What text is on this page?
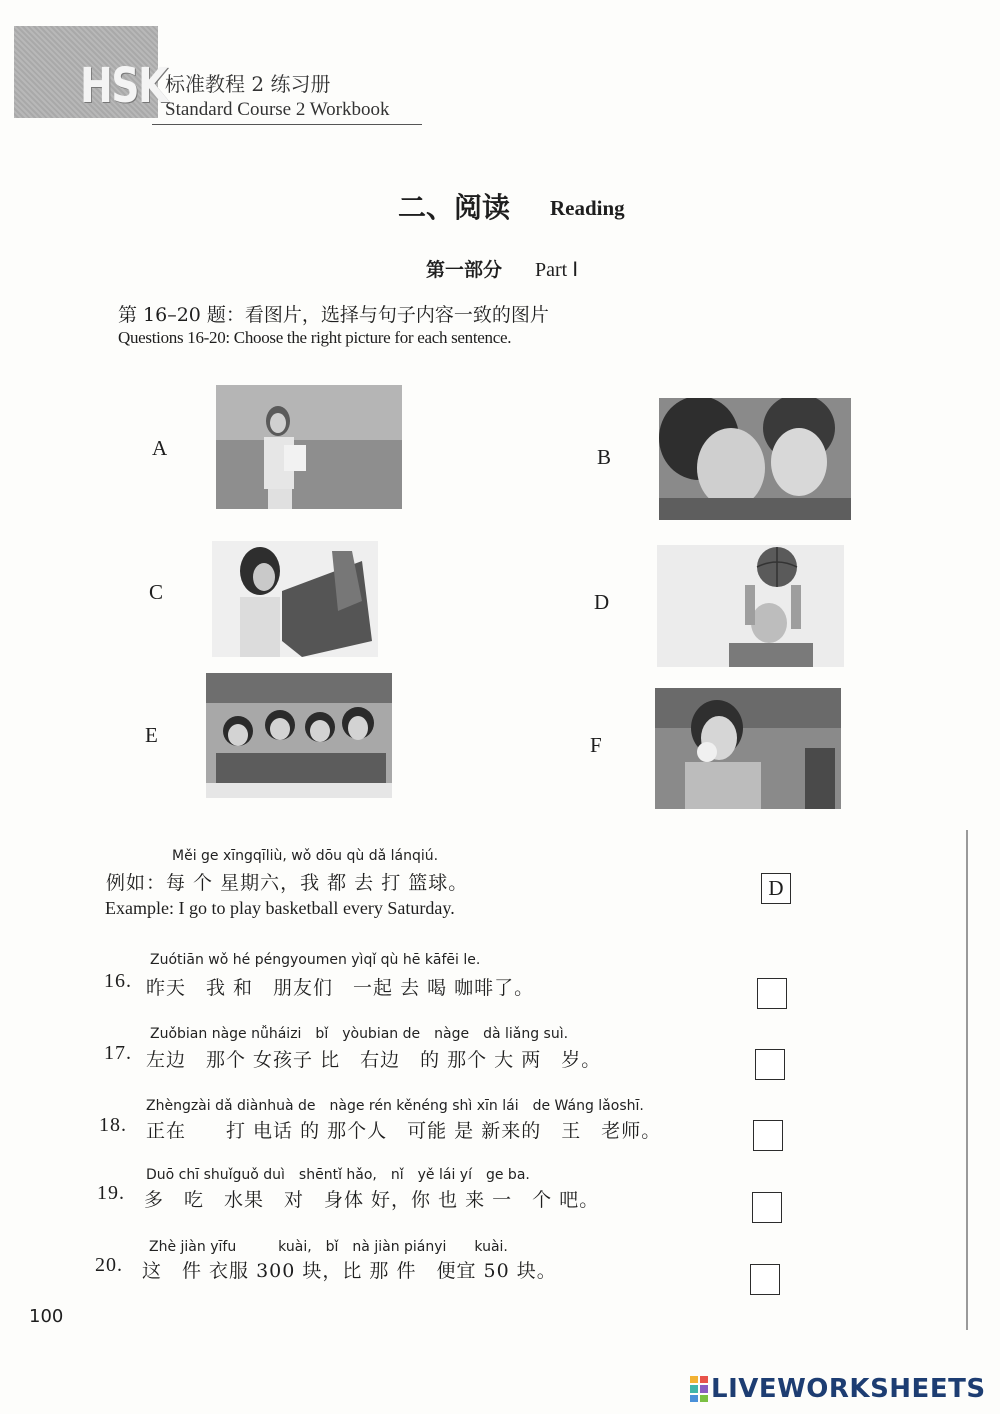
HSK
标准教程 2 练习册
Standard Course 2 Workbook
二、阅读 Reading
第一部分 Part Ⅰ
第 16–20 题：看图片，选择与句子内容一致的图片
Questions 16-20: Choose the right picture for each sentence.
A	B
C	D
E	F
Měi ge xīngqīliù, wǒ dōu qù dǎ lánqiú.
例如：每 个 星期六，我 都 去 打 篮球。
Example: I go to play basketball every Saturday.
D
Zuótiān wǒ hé péngyoumen yìqǐ qù hē kāfēi le.
16. 昨天　我 和　朋友们　一起 去 喝 咖啡了。
Zuǒbian nàge nǚháizi　bǐ　yòubian de　nàge　dà liǎng suì.
17. 左边　那个 女孩子 比　右边　的 那个 大 两　岁。
Zhèngzài dǎ diànhuà de　nàge rén kěnéng shì xīn lái　de Wáng lǎoshī.
18. 正在　　打 电话 的 那个人　可能 是 新来的　王　老师。
Duō chī shuǐguǒ duì　shēntǐ hǎo,　nǐ　yě lái yí　ge ba.
19. 多　吃　水果　对　身体 好，你 也 来 一　个 吧。
Zhè jiàn yīfu　　　kuài,　bǐ　nà jiàn piányi　　kuài.
20. 这　件 衣服 300 块，比 那 件　便宜 50 块。
100
LIVEWORKSHEETS
